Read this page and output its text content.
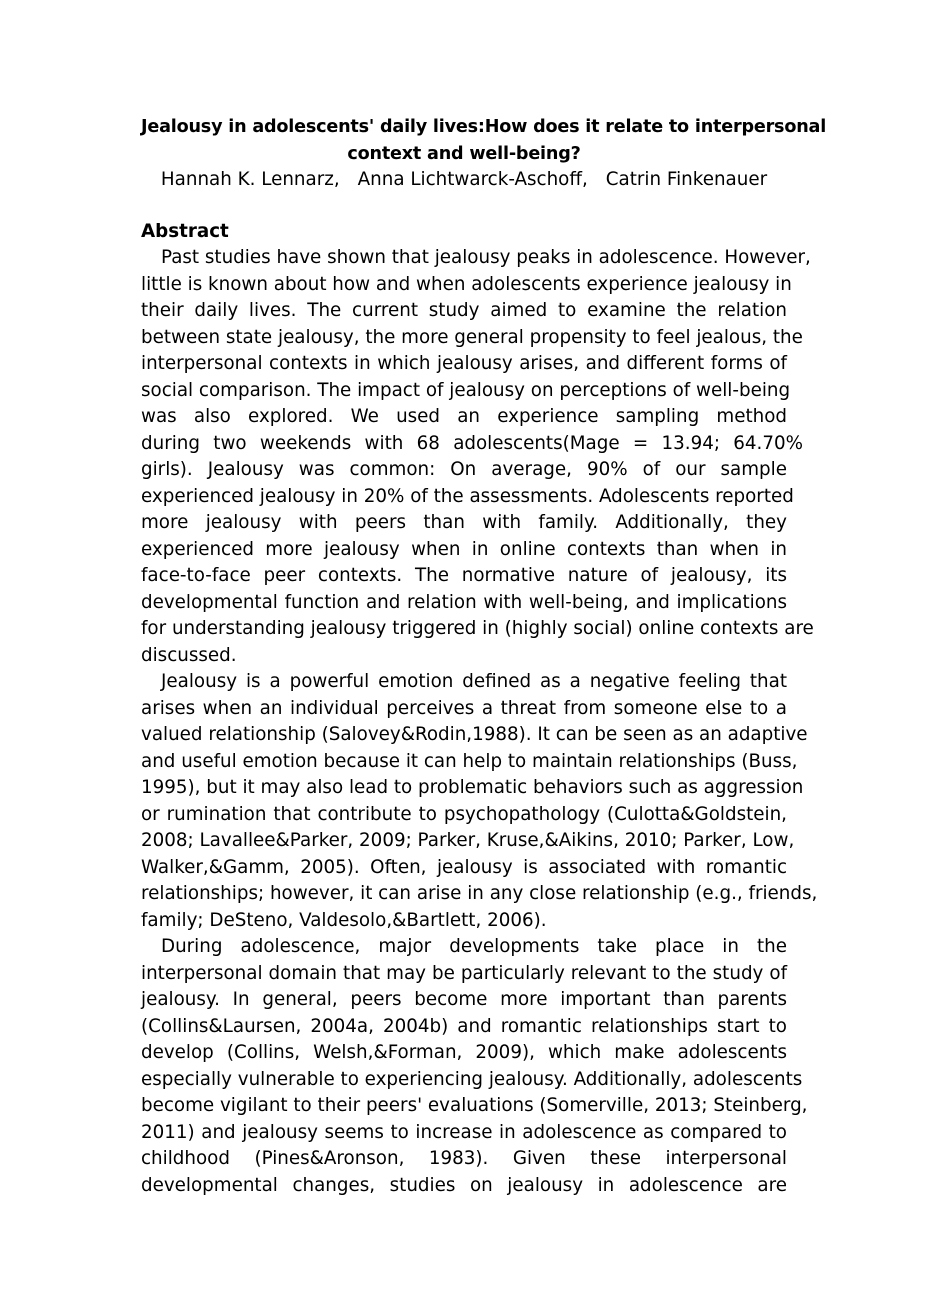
Jealousy in adolescents' daily lives:How does it relate to interpersonal
context and well-being?

Hannah K. Lennarz, Anna Lichtwarck-Aschoff, Catrin Finkenauer

Abstract
Past studies have shown that jealousy peaks in adolescence. However,
little is known about how and when adolescents experience jealousy in
their daily lives. The current study aimed to examine the relation
between state jealousy, the more general propensity to feel jealous, the
interpersonal contexts in which jealousy arises, and different forms of
social comparison. The impact of jealousy on perceptions of well-being
was also explored. We used an experience sampling method
during two weekends with 68 adolescents(Mage = 13.94; 64.70%
girls). Jealousy was common: On average, 90% of our sample
experienced jealousy in 20% of the assessments. Adolescents reported
more jealousy with peers than with family. Additionally, they
experienced more jealousy when in online contexts than when in
face-to-face peer contexts. The normative nature of jealousy, its
developmental function and relation with well-being, and implications
for understanding jealousy triggered in (highly social) online contexts are
discussed.
Jealousy is a powerful emotion defined as a negative feeling that
arises when an individual perceives a threat from someone else to a
valued relationship (Salovey&Rodin,1988). It can be seen as an adaptive
and useful emotion because it can help to maintain relationships (Buss,
1995), but it may also lead to problematic behaviors such as aggression
or rumination that contribute to psychopathology (Culotta&Goldstein,
2008; Lavallee&Parker, 2009; Parker, Kruse,&Aikins, 2010; Parker, Low,
Walker,&Gamm, 2005). Often, jealousy is associated with romantic
relationships; however, it can arise in any close relationship (e.g., friends,
family; DeSteno, Valdesolo,&Bartlett, 2006).
During adolescence, major developments take place in the
interpersonal domain that may be particularly relevant to the study of
jealousy. In general, peers become more important than parents
(Collins&Laursen, 2004a, 2004b) and romantic relationships start to
develop (Collins, Welsh,&Forman, 2009), which make adolescents
especially vulnerable to experiencing jealousy. Additionally, adolescents
become vigilant to their peers' evaluations (Somerville, 2013; Steinberg,
2011) and jealousy seems to increase in adolescence as compared to
childhood (Pines&Aronson, 1983). Given these interpersonal
developmental changes, studies on jealousy in adolescence are
